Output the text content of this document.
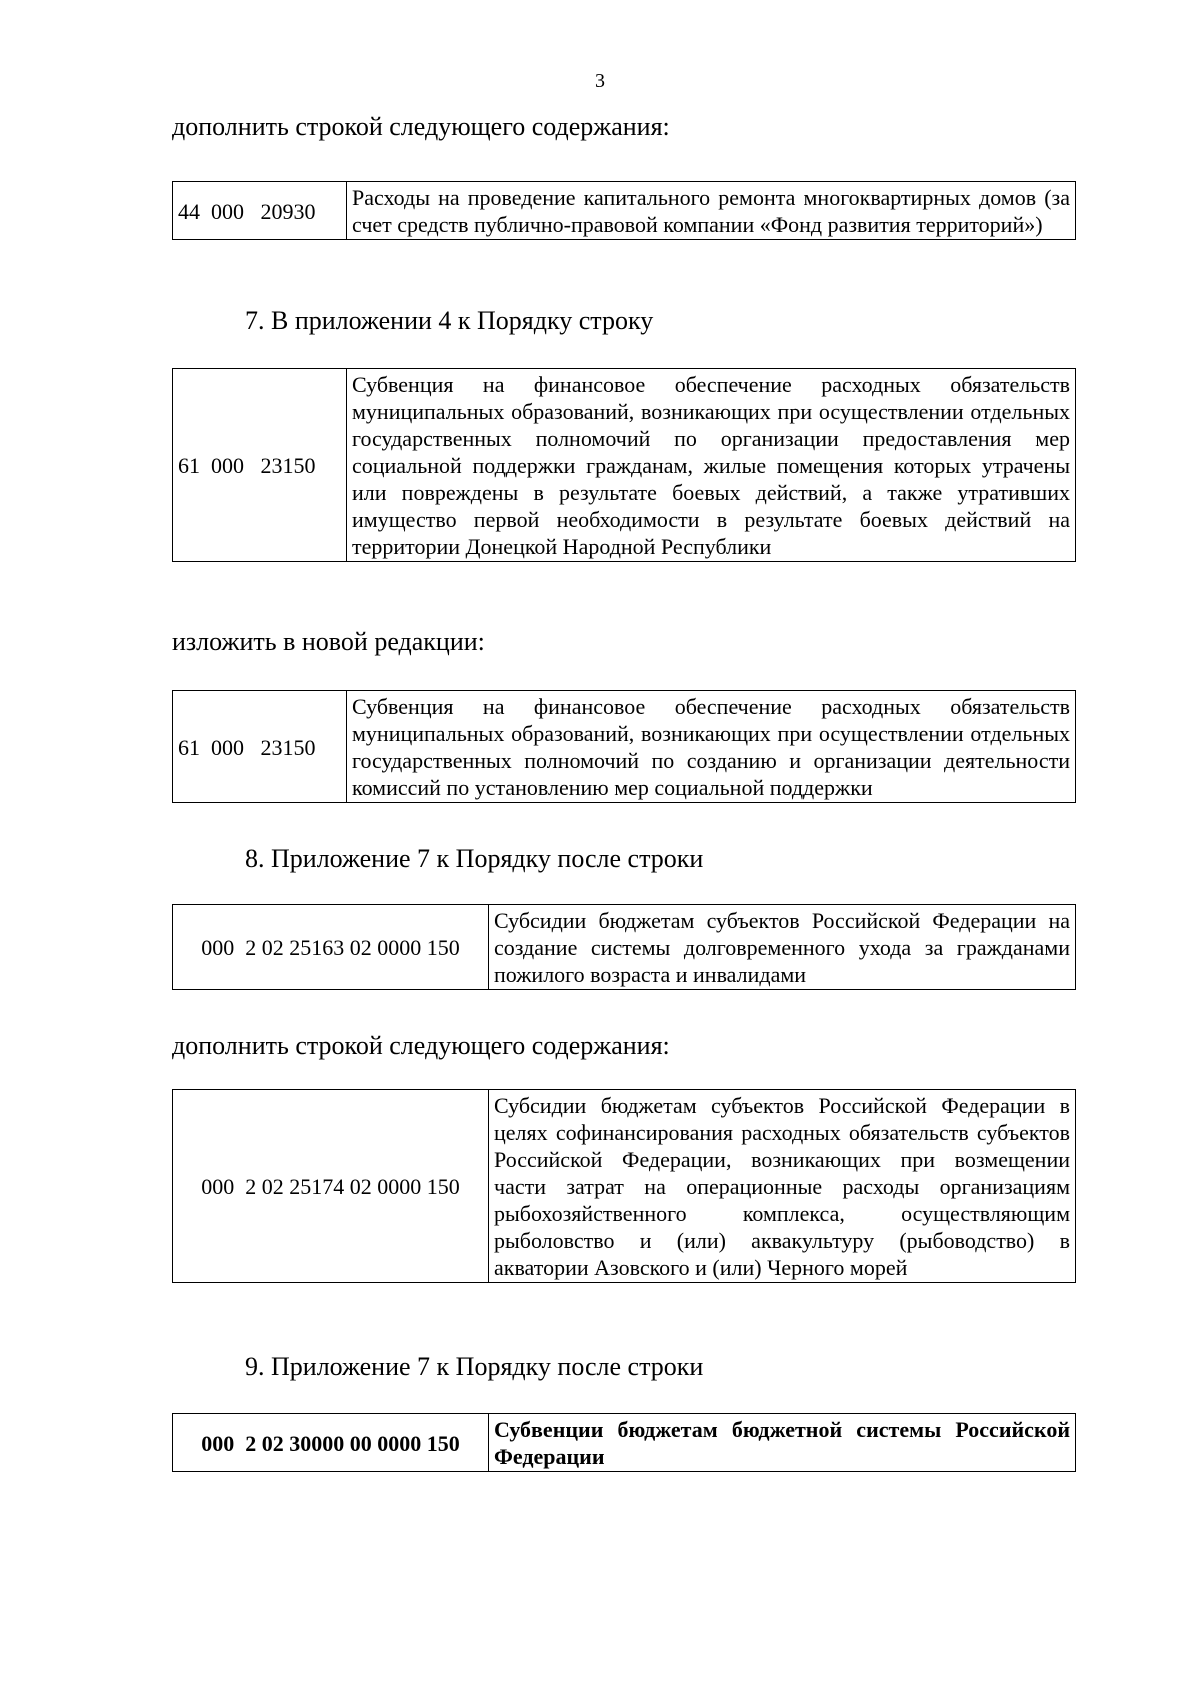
3
дополнить строкой следующего содержания:
44  000   20930	Расходы на проведение капитального ремонта многоквартирных домов (за счет средств публично-правовой компании «Фонд развития территорий»)
7. В приложении 4 к Порядку строку
61  000   23150	Субвенция на финансовое обеспечение расходных обязательств муниципальных образований, возникающих при осуществлении отдельных государственных полномочий по организации предоставления мер социальной поддержки гражданам, жилые помещения которых утрачены или повреждены в результате боевых действий, а также утративших имущество первой необходимости в результате боевых действий на территории Донецкой Народной Республики
изложить в новой редакции:
61  000   23150	Субвенция на финансовое обеспечение расходных обязательств муниципальных образований, возникающих при осуществлении отдельных государственных полномочий по созданию и организации деятельности комиссий по установлению мер социальной поддержки
8. Приложение 7 к Порядку после строки
000  2 02 25163 02 0000 150	Субсидии бюджетам субъектов Российской Федерации на создание системы долговременного ухода за гражданами пожилого возраста и инвалидами
дополнить строкой следующего содержания:
000  2 02 25174 02 0000 150	Субсидии бюджетам субъектов Российской Федерации в целях софинансирования расходных обязательств субъектов Российской Федерации, возникающих при возмещении части затрат на операционные расходы организациям рыбохозяйственного комплекса, осуществляющим рыболовство и (или) аквакультуру (рыбоводство) в акватории Азовского и (или) Черного морей
9. Приложение 7 к Порядку после строки
000  2 02 30000 00 0000 150	Субвенции бюджетам бюджетной системы Российской Федерации
